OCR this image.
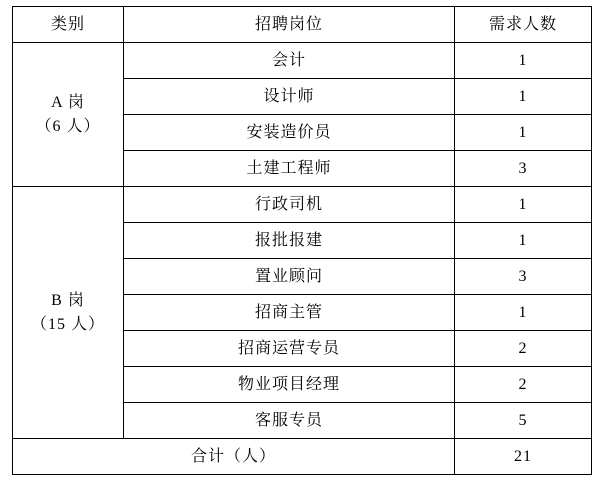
类别	招聘岗位	需求人数

A 岗
（6 人）	会计	1
	设计师	1
	安装造价员	1
	土建工程师	3

B 岗
（15 人）	行政司机	1
	报批报建	1
	置业顾问	3
	招商主管	1
	招商运营专员	2
	物业项目经理	2
	客服专员	5
合计（人）		21
